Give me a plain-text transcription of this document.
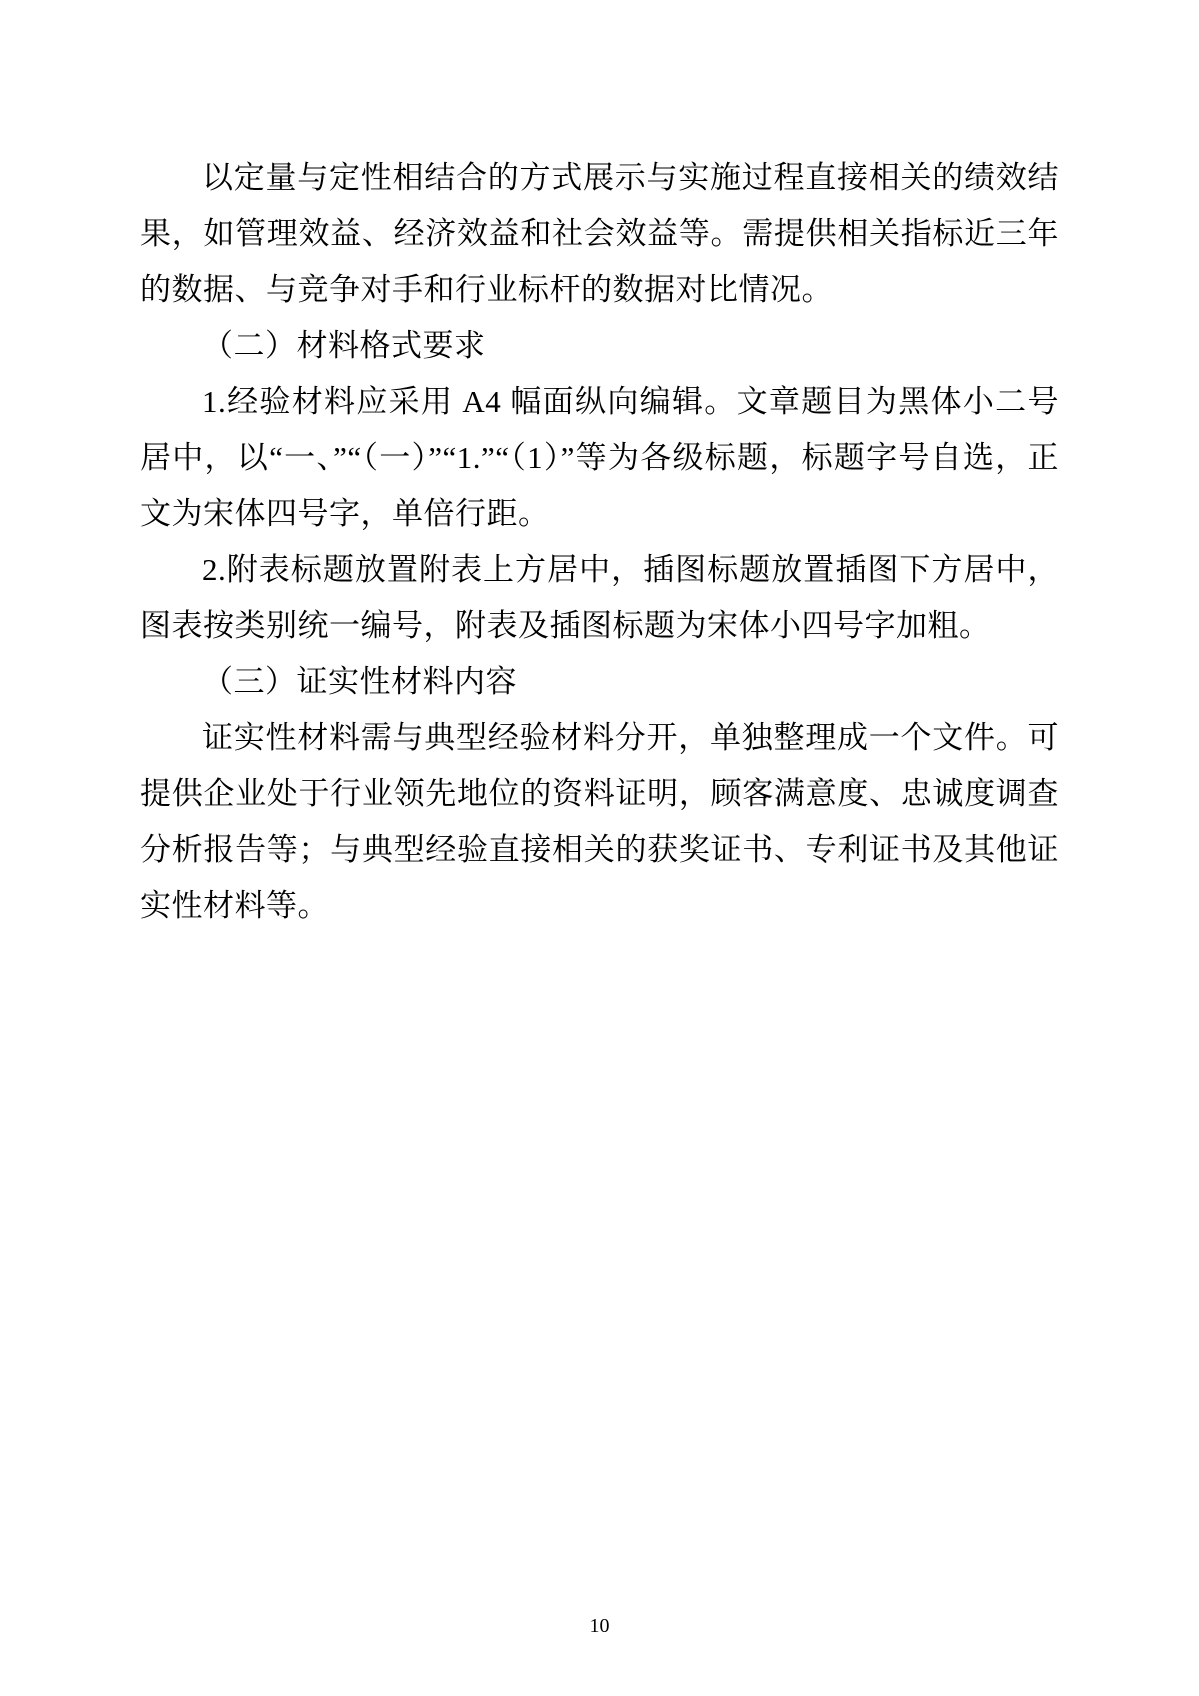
以定量与定性相结合的方式展示与实施过程直接相关的绩效结果，如管理效益、经济效益和社会效益等。需提供相关指标近三年的数据、与竞争对手和行业标杆的数据对比情况。

（二）材料格式要求

1.经验材料应采用 A4 幅面纵向编辑。文章题目为黑体小二号居中，以“一、”“（一）”“1.”“（1）”等为各级标题，标题字号自选，正文为宋体四号字，单倍行距。

2.附表标题放置附表上方居中，插图标题放置插图下方居中，图表按类别统一编号，附表及插图标题为宋体小四号字加粗。

（三）证实性材料内容

证实性材料需与典型经验材料分开，单独整理成一个文件。可提供企业处于行业领先地位的资料证明，顾客满意度、忠诚度调查分析报告等；与典型经验直接相关的获奖证书、专利证书及其他证实性材料等。

10
